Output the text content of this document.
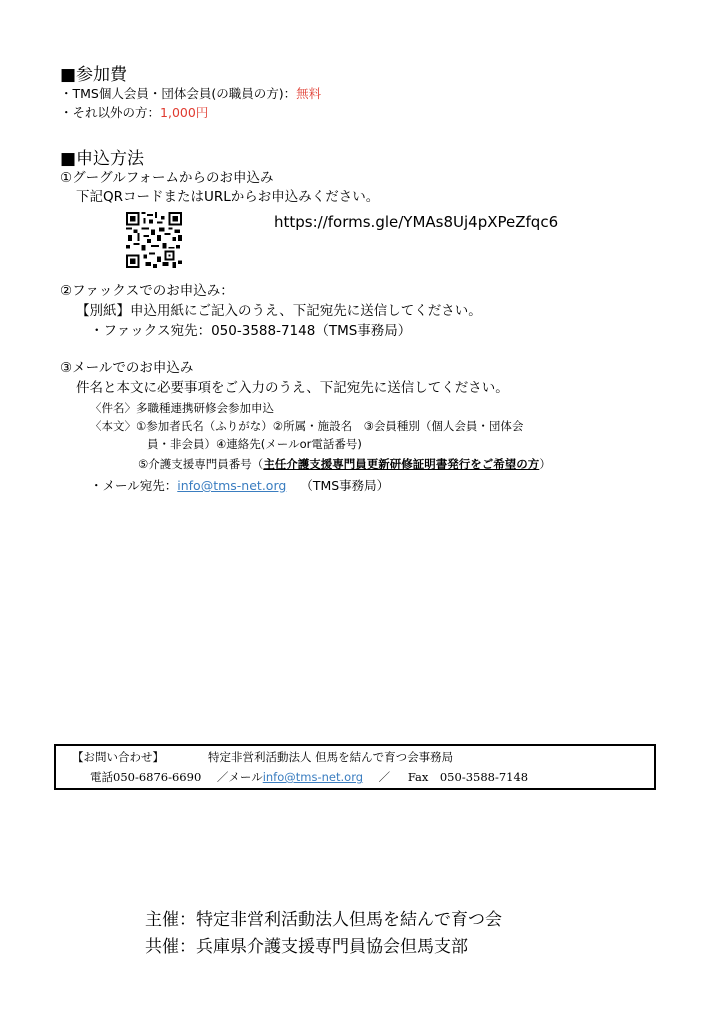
■参加費
・TMS個人会員・団体会員(の職員の方)：無料
・それ以外の方：1,000円
■申込方法
①グーグルフォームからのお申込み
下記QRコードまたはURLからお申込みください。
https://forms.gle/YMAs8Uj4pXPeZfqc6
②ファックスでのお申込み：
【別紙】申込用紙にご記入のうえ、下記宛先に送信してください。
・ファックス宛先：050-3588-7148（TMS事務局）
③メールでのお申込み
件名と本文に必要事項をご入力のうえ、下記宛先に送信してください。
〈件名〉多職種連携研修会参加申込
〈本文〉①参加者氏名（ふりがな）②所属・施設名　③会員種別（個人会員・団体会
員・非会員）④連絡先(メールor電話番号)
⑤介護支援専門員番号（主任介護支援専門員更新研修証明書発行をご希望の方）
・メール宛先：info@tms-net.org （TMS事務局）
【お問い合わせ】	特定非営利活動法人 但馬を結んで育つ会事務局
電話050-6876-6690 ／メールinfo@tms-net.org ／ Fax　050-3588-7148
主催：特定非営利活動法人但馬を結んで育つ会
共催：兵庫県介護支援専門員協会但馬支部
